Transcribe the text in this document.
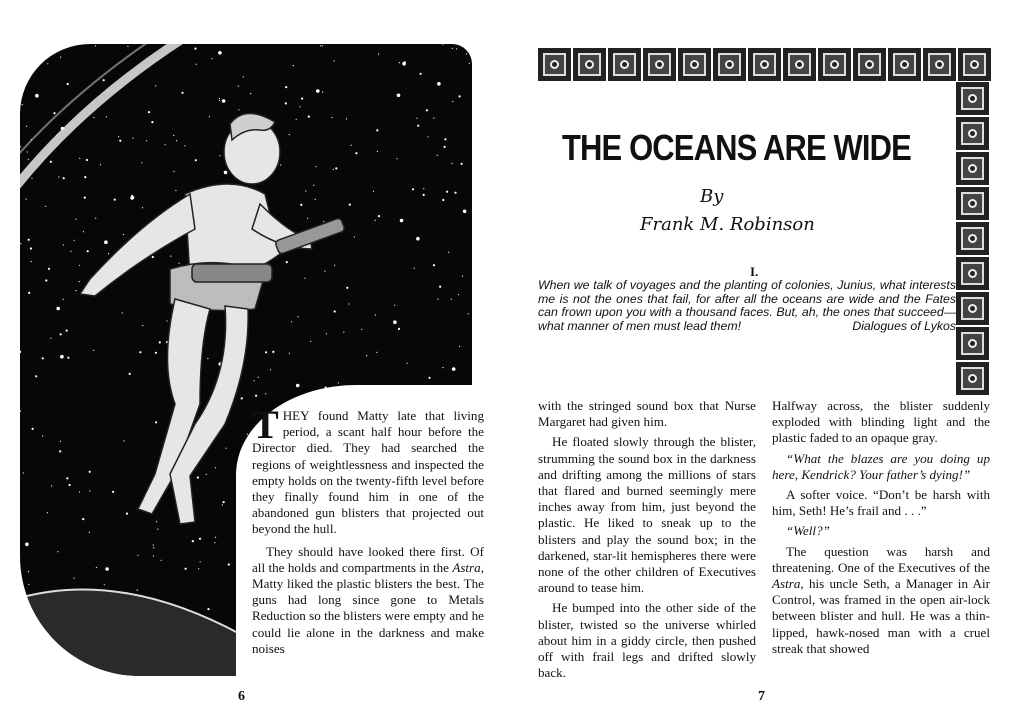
THEY found Matty late that living period, a scant half hour before the Director died. They had searched the regions of weightlessness and inspected the empty holds on the twenty-fifth level before they finally found him in one of the abandoned gun blisters that projected out beyond the hull.

They should have looked there first. Of all the holds and compartments in the Astra, Matty liked the plastic blisters the best. The guns had long since gone to Metals Reduction so the blisters were empty and he could lie alone in the darkness and make noises

6
THE OCEANS ARE WIDE
By
Frank M. Robinson
I.
When we talk of voyages and the planting of colonies, Junius, what interests me is not the ones that fail, for after all the oceans are wide and the Fates can frown upon you with a thousand faces. But, ah, the ones that succeed—what manner of men must lead them!	Dialogues of Lykos

with the stringed sound box that Nurse Margaret had given him.

He floated slowly through the blister, strumming the sound box in the darkness and drifting among the millions of stars that flared and burned seemingly mere inches away from him, just beyond the plastic. He liked to sneak up to the blisters and play the sound box; in the darkened, star-lit hemispheres there were none of the other children of Executives around to tease him.

He bumped into the other side of the blister, twisted so the universe whirled about him in a giddy circle, then pushed off with frail legs and drifted slowly back.

Halfway across, the blister suddenly exploded with blinding light and the plastic faded to an opaque gray.

“What the blazes are you doing up here, Kendrick? Your father’s dying!”

A softer voice. “Don’t be harsh with him, Seth! He’s frail and . . .”

“Well?”

The question was harsh and threatening. One of the Executives of the Astra, his uncle Seth, a Manager in Air Control, was framed in the open air-lock between blister and hull. He was a thin-lipped, hawk-nosed man with a cruel streak that showed

7
